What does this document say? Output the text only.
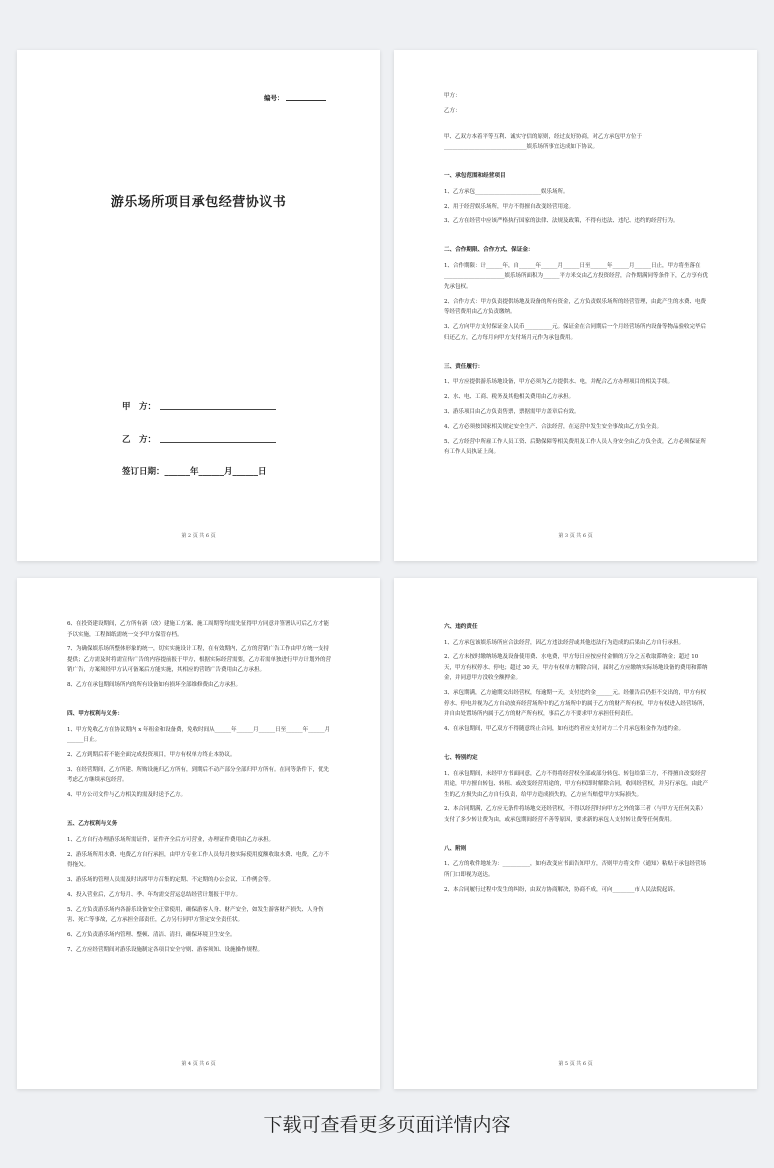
编号：
游乐场所项目承包经营协议书
甲　方：
乙　方：
签订日期：______年______月______日
第 2 页 共 6 页

甲方：

乙方：

甲、乙双方本着平等互利、诚实守信的原则，经过友好协商，对乙方承包甲方位于______________________________娱乐场所事宜达成如下协议。

一、承包范围和经营项目

1、乙方承包________________________娱乐场所。

2、用于经营娱乐场所，甲方不得擅自改变经营用途。

3、乙方在经营中应该严格执行国家的法律、法规及政策，不得有违法、违纪、违约的经营行为。

二、合作期限、合作方式、保证金：

1、合作期限：计______年，自______年______月______日至______年______月______日止，甲方将坐落在______________________娱乐场所面积为______平方米交由乙方投资经营，合作期满同等条件下，乙方享有优先承包权。

2、合作方式：甲方负责提供场地及设备的所有资金，乙方负责娱乐场所的经营管理，由此产生的水费、电费等经营费用由乙方负责缴纳。

3、乙方向甲方支付保证金人民币__________元。保证金在合同期后一个月经营场所内设备等物品验收完毕后归还乙方，乙方每月向甲方支付场月元作为承包费用。

三、责任履行：

1、甲方应提供游乐场地设备，甲方必须为乙方提供水、电，并配合乙方办理项目的相关手续。

2、水、电、工商、税务及其他相关费用由乙方承担。

3、游乐项目由乙方负责售票，票据需甲方盖章后有效。

4、乙方必须按国家相关规定安全生产、合法经营，在运营中发生安全事故由乙方负全责。

5、乙方经营中所雇工作人员工资、后勤保障等相关费用及工作人员人身安全由乙方负全责，乙方必须保证所有工作人员执证上岗。

第 3 页 共 6 页

6、在投资建设期间，乙方所有新（改）建施工方案、施工周期等均需先征得甲方同意并签署认可后乙方才能予以实施，工程图纸需统一交予甲方保管存档。

7、为确保娱乐场所整体形象的统一，切实实施设计工程，在有效期内，乙方的营销广告工作由甲方统一支持提供；乙方需及时将需宣传广告的内容提前报于甲方，根据实际经营需要，乙方若需单独进行甲方计划外的营销广告，方案须经甲方认可备案后方能实施，其相应的营销广告费用由乙方承担。

8、乙方在承包期间场所内的所有设备如有损坏全部维修费由乙方承担。

四、甲方权利与义务：

1、甲方免收乙方在协议期内 x 年租金和设备费，免收时间从______年______月______日至______年______月______日止。

2、乙方到期后若不能全面完成投资项目，甲方有权单方终止本协议。

3、在经营期间，乙方所建、所购设施归乙方所有，到期后不动产部分全部归甲方所有。在同等条件下，优先考虑乙方继续承包经营。

4、甲方公司文件与乙方相关的需及时送予乙方。

五、乙方权利与义务

1、乙方自行办理游乐场所需证件，证件齐全后方可营业，办理证件费用由乙方承担。

2、游乐场所用水费、电费乙方自行承担，由甲方专业工作人员每月按实际使用度额收取水费、电费，乙方不得拖欠。

3、游乐场的管理人员需及时出席甲方召集的定期、不定期的办公会议、工作例会等。

4、投入营业后，乙方每月、季、年均需交营运总结经营计划报于甲方。

5、乙方负责游乐场内各游乐设备安全正常使用，确保游客人身、财产安全，如发生游客财产损失、人身伤害、死亡等事故，乙方承担全部责任，乙方另行同甲方签定安全责任状。

6、乙方负责游乐场内管理、整顿、清洁、清扫，确保环境卫生安全。

7、乙方应经营期间对游乐设施制定各项目安全守则、游客须知、设施操作规程。

第 4 页 共 6 页
六、违约责任

1、乙方承包该娱乐场所应合法经营，因乙方违法经营或其他违法行为造成的后果由乙方自行承担。

2、乙方未按时缴纳场地及设备使用费、水电费，甲方每日应按应付金额的万分之五收取滞纳金；超过 10 天，甲方有权停水、停电；超过 30 天，甲方有权单方解除合同，届时乙方应缴纳实际场地设备的费用和滞纳金，并同意甲方没收全额押金。

3、承包期满，乙方逾期交出经营权，每逾期一天，支付违约金______元。经催告后仍拒不交出的，甲方有权停水、停电并视为乙方自动放弃经营场所中的乙方场所中的属于乙方的财产所有权，甲方有权进入经营场所，并自由处置场所内属于乙方的财产所有权，事后乙方不要求甲方承担任何责任。

4、在承包期间，甲乙双方不得随意终止合同，如有违约者应支付对方二个月承包租金作为违约金。

七、特别约定

1、在承包期间，未经甲方书面同意，乙方不得将经营权全部或部分转包、转包给第三方，不得擅自改变经营用途，甲方擅自转包、转租、或改变经营用途的，甲方有权即时解除合同，收回经营权，并另行承包，由此产生的乙方损失由乙方自行负责，给甲方造成损失的，乙方应当赔偿甲方实际损失。

2、本合同期满，乙方应无条件将场地交还经营权，不得以经营时向甲方之外的第三者（与甲方无任何关系）支付了多少转让费为由，或承包期间经营不善等原因，要求新的承包人支付转让费等任何费用。

八、附则

1、乙方的收件地址为：__________，如有改变应书面告知甲方，否则甲方将文件（通知）粘贴于承包经营场所门口即视为送达。

2、本合同履行过程中发生的纠纷，由双方协商解决，协商不成，可向________市人民法院起诉。

第 5 页 共 6 页
下载可查看更多页面详情内容
